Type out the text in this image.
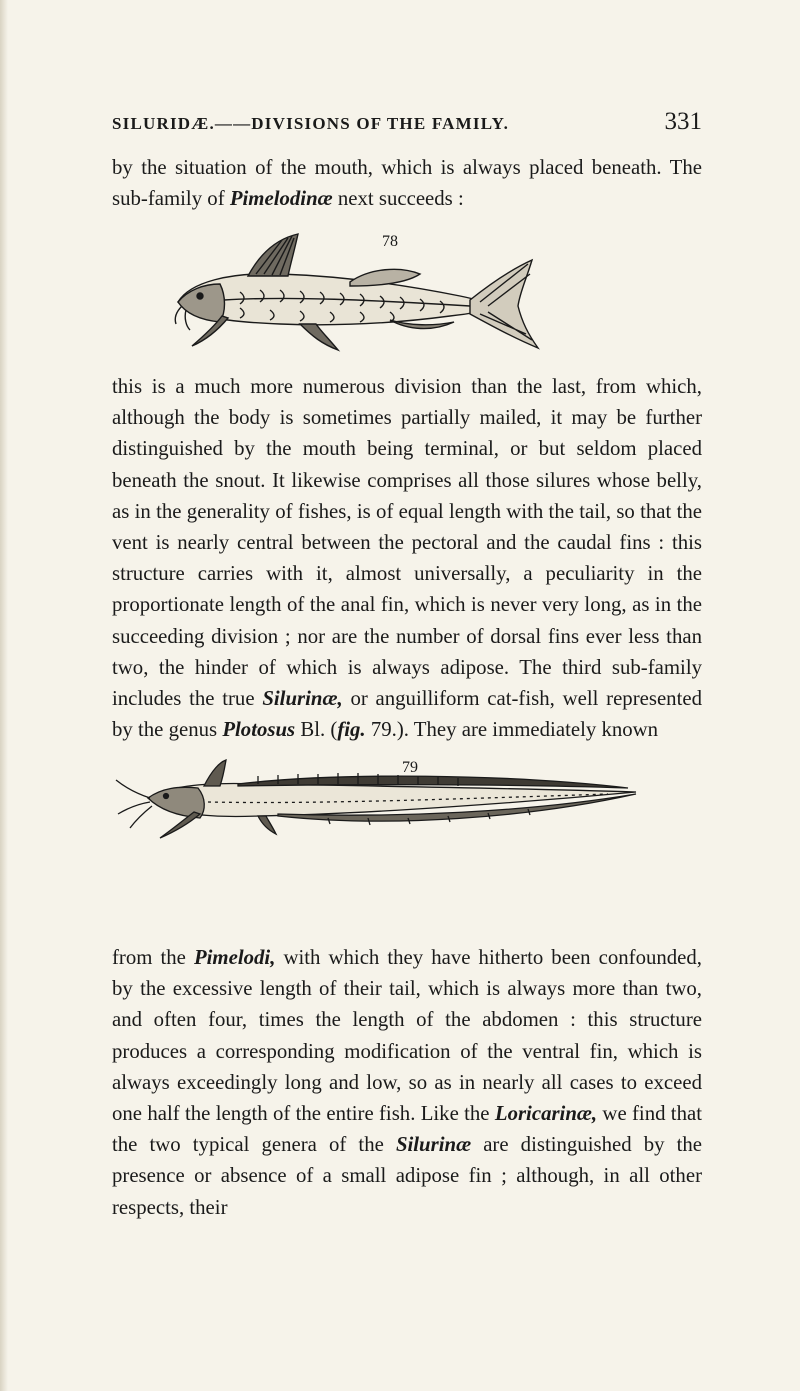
SILURIDÆ.——DIVISIONS OF THE FAMILY.	331

by the situation of the mouth, which is always placed beneath. The sub-family of Pimelodinæ next succeeds :

78

this is a much more numerous division than the last, from which, although the body is sometimes partially mailed, it may be further distinguished by the mouth being terminal, or but seldom placed beneath the snout. It likewise comprises all those silures whose belly, as in the generality of fishes, is of equal length with the tail, so that the vent is nearly central between the pectoral and the caudal fins : this structure carries with it, almost universally, a peculiarity in the proportionate length of the anal fin, which is never very long, as in the succeeding division ; nor are the number of dorsal fins ever less than two, the hinder of which is always adipose. The third sub-family includes the true Silurinæ, or anguilliform cat-fish, well represented by the genus Plotosus Bl. (fig. 79.). They are immediately known

79

from the Pimelodi, with which they have hitherto been confounded, by the excessive length of their tail, which is always more than two, and often four, times the length of the abdomen : this structure produces a corresponding modification of the ventral fin, which is always exceedingly long and low, so as in nearly all cases to exceed one half the length of the entire fish. Like the Loricarinæ, we find that the two typical genera of the Silurinæ are distinguished by the presence or absence of a small adipose fin ; although, in all other respects, their
